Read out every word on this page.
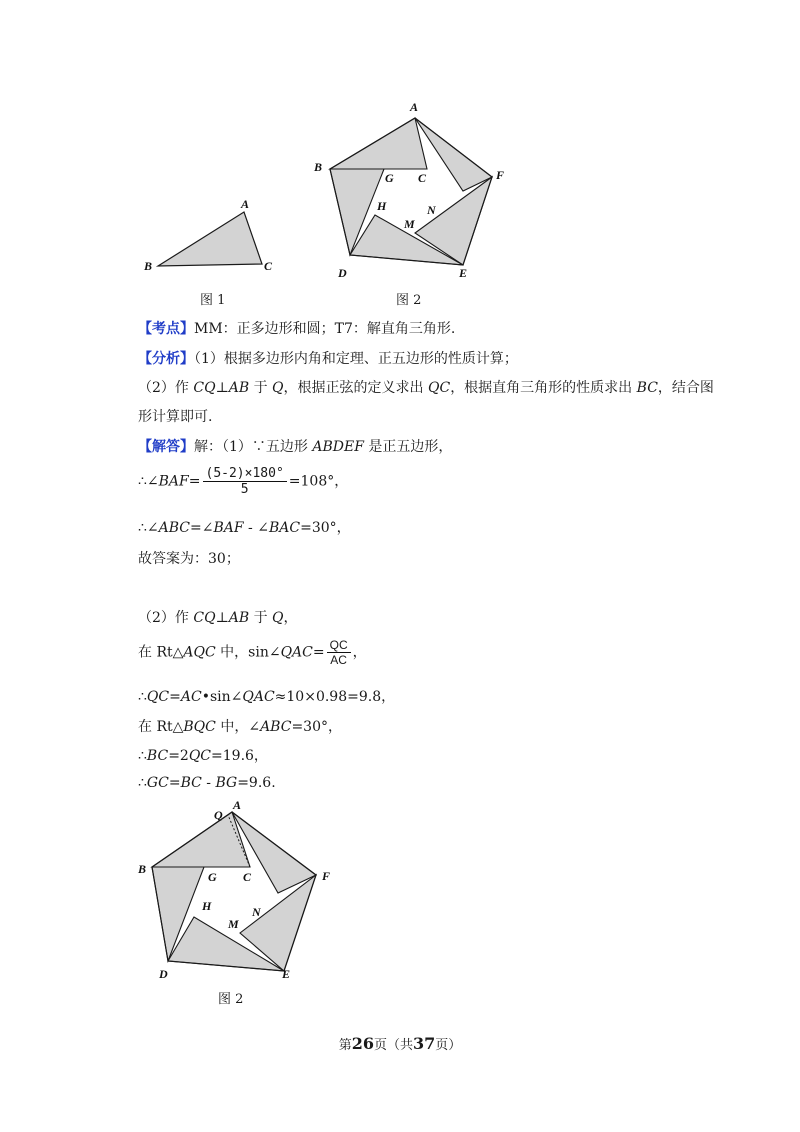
A
B	C
图 1
A
B
G C	F
H	N
M
D	E
图 2
【考点】MM：正多边形和圆；T7：解直角三角形.
【分析】（1）根据多边形内角和定理、正五边形的性质计算；
（2）作 CQ⊥AB 于 Q，根据正弦的定义求出 QC，根据直角三角形的性质求出 BC，结合图
形计算即可.
【解答】解：（1）∵五边形 ABDEF 是正五边形，
∴∠BAF= $\frac{(5-2)\times 180^\circ}{5} =108^\circ$，
∴∠ABC=∠BAF - ∠BAC=30°，
故答案为：30；
（2）作 CQ⊥AB 于 Q，
在 Rt△AQC 中，sin∠QAC= $\frac{QC}{AC}$ ，
∴QC=AC•sin∠QAC≈10×0.98=9.8，
在 Rt△BQC 中，∠ABC=30°，
∴BC=2QC=19.6，
∴GC=BC - BG=9.6.
Q
A
B
G C	F
H	N
M
D	E
图 2
第26页（共37页）
